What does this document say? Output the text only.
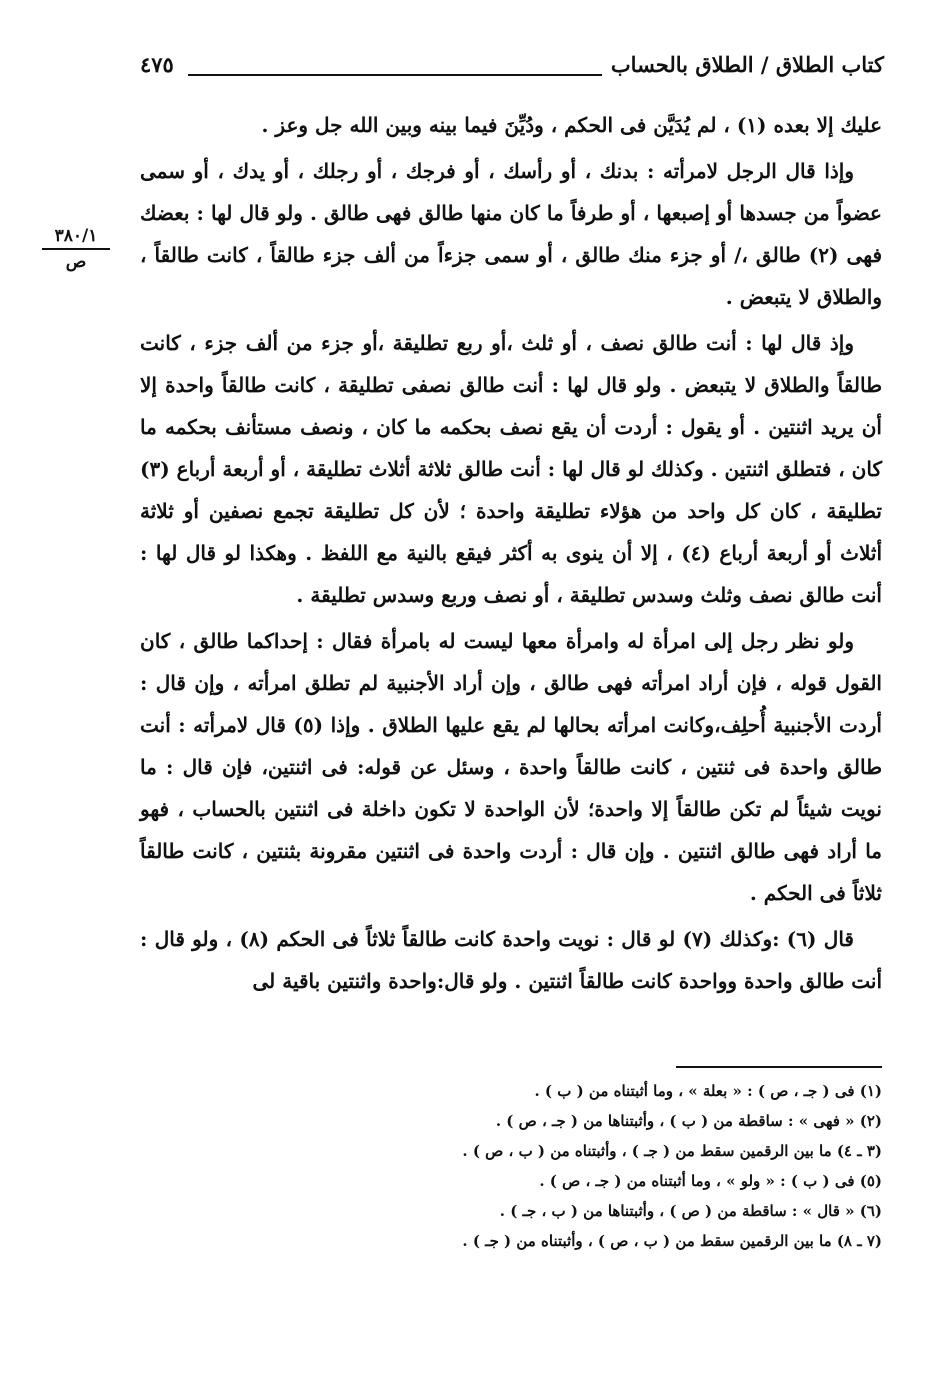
كتاب الطلاق / الطلاق بالحساب
٤٧٥
٣٨٠/١
ص

عليك إلا بعده (١) ، لم يُدَيَّن فى الحكم ، ودُيِّنَ فيما بينه وبين الله جل وعز .

وإذا قال الرجل لامرأته : بدنك ، أو رأسك ، أو فرجك ، أو رجلك ، أو يدك ، أو سمى عضواً من جسدها أو إصبعها ، أو طرفاً ما كان منها طالق فهى طالق . ولو قال لها : بعضك فهى (٢) طالق ،/ أو جزء منك طالق ، أو سمى جزءاً من ألف جزء طالقاً ، كانت طالقاً ، والطلاق لا يتبعض .

وإذ قال لها : أنت طالق نصف ، أو ثلث ،أو ربع تطليقة ،أو جزء من ألف جزء ، كانت طالقاً والطلاق لا يتبعض . ولو قال لها : أنت طالق نصفى تطليقة ، كانت طالقاً واحدة إلا أن يريد اثنتين . أو يقول : أردت أن يقع نصف بحكمه ما كان ، ونصف مستأنف بحكمه ما كان ، فتطلق اثنتين . وكذلك لو قال لها : أنت طالق ثلاثة أثلاث تطليقة ، أو أربعة أرباع (٣) تطليقة ، كان كل واحد من هؤلاء تطليقة واحدة ؛ لأن كل تطليقة تجمع نصفين أو ثلاثة أثلاث أو أربعة أرباع (٤) ، إلا أن ينوى به أكثر فيقع بالنية مع اللفظ . وهكذا لو قال لها : أنت طالق نصف وثلث وسدس تطليقة ، أو نصف وربع وسدس تطليقة .

ولو نظر رجل إلى امرأة له وامرأة معها ليست له بامرأة فقال : إحداكما طالق ، كان القول قوله ، فإن أراد امرأته فهى طالق ، وإن أراد الأجنبية لم تطلق امرأته ، وإن قال : أردت الأجنبية أُحلِف،وكانت امرأته بحالها لم يقع عليها الطلاق . وإذا (٥) قال لامرأته : أنت طالق واحدة فى ثنتين ، كانت طالقاً واحدة ، وسئل عن قوله: فى اثنتين، فإن قال : ما نويت شيئاً لم تكن طالقاً إلا واحدة؛ لأن الواحدة لا تكون داخلة فى اثنتين بالحساب ، فهو ما أراد فهى طالق اثنتين . وإن قال : أردت واحدة فى اثنتين مقرونة بثنتين ، كانت طالقاً ثلاثاً فى الحكم .

قال (٦) :وكذلك (٧) لو قال : نويت واحدة كانت طالقاً ثلاثاً فى الحكم (٨) ، ولو قال : أنت طالق واحدة وواحدة كانت طالقاً اثنتين . ولو قال:واحدة واثنتين باقية لى

(١) فى ( جـ ، ص ) : « بعلة » ، وما أثبتناه من ( ب ) .
(٢) « فهى » : ساقطة من ( ب ) ، وأثبتناها من ( جـ ، ص ) .
(٣ ـ ٤) ما بين الرقمين سقط من ( جـ ) ، وأثبتناه من ( ب ، ص ) .
(٥) فى ( ب ) : « ولو » ، وما أثبتناه من ( جـ ، ص ) .
(٦) « قال » : ساقطة من ( ص ) ، وأثبتناها من ( ب ، جـ ) .
(٧ ـ ٨) ما بين الرقمين سقط من ( ب ، ص ) ، وأثبتناه من ( جـ ) .
